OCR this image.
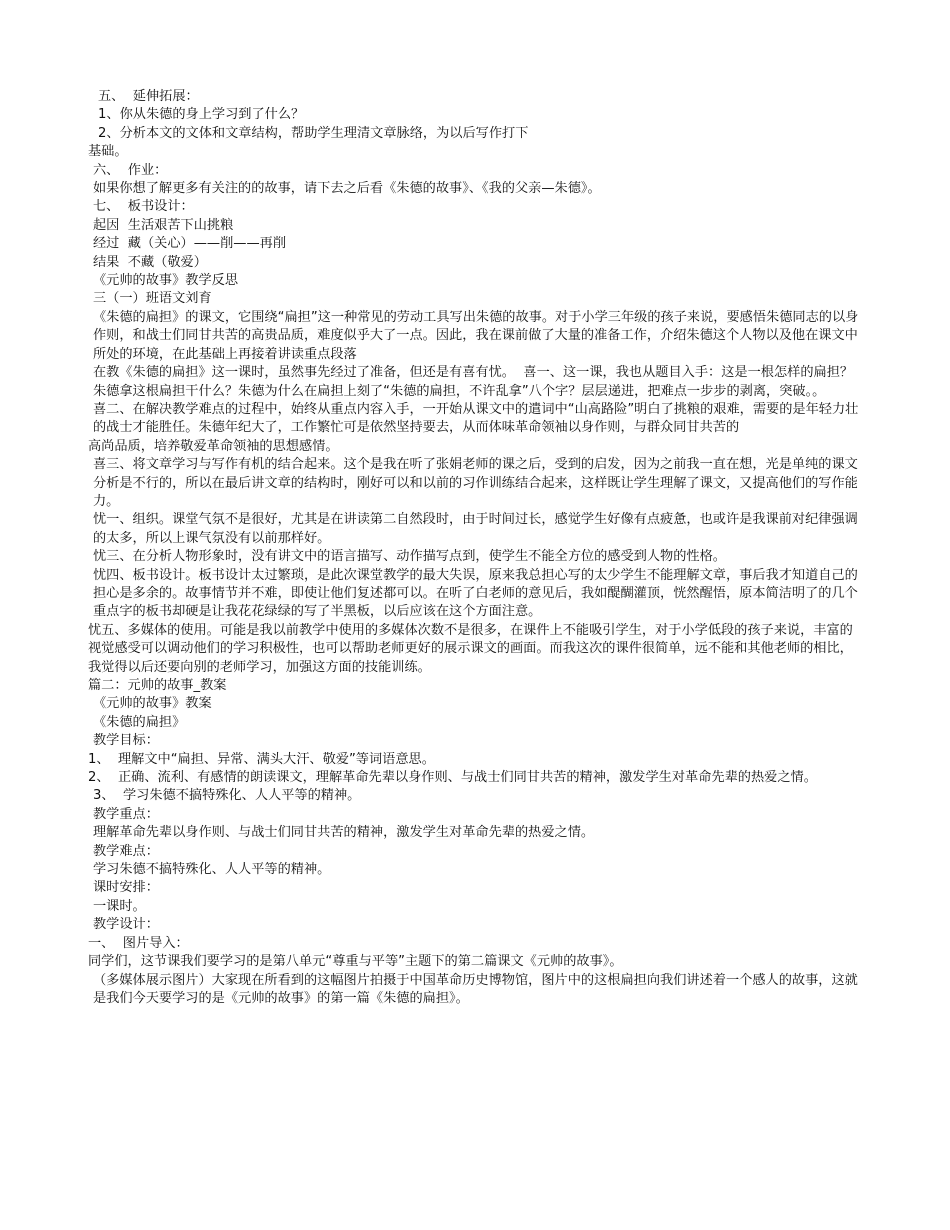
五、  延伸拓展：
1、你从朱德的身上学习到了什么？
2、分析本文的文体和文章结构，帮助学生理清文章脉络，为以后写作打下
基础。
六、  作业：
如果你想了解更多有关注的的故事，请下去之后看《朱德的故事》、《我的父亲—朱德》。
七、  板书设计：
起因  生活艰苦下山挑粮
经过  藏（关心）——削——再削
结果  不藏（敬爱）
《元帅的故事》教学反思
三（一）班语文刘育
《朱德的扁担》的课文，它围绕“扁担”这一种常见的劳动工具写出朱德的故事。对于小学三年级的孩子来说，要感悟朱德同志的以身作则，和战士们同甘共苦的高贵品质，难度似乎大了一点。因此，我在课前做了大量的准备工作，介绍朱德这个人物以及他在课文中所处的环境，在此基础上再接着讲读重点段落
在教《朱德的扁担》这一课时，虽然事先经过了准备，但还是有喜有忧。  喜一、这一课，我也从题目入手：这是一根怎样的扁担？朱德拿这根扁担干什么？朱德为什么在扁担上刻了“朱德的扁担，不许乱拿”八个字？层层递进，把难点一步步的剥离，突破。。
喜二、在解决教学难点的过程中，始终从重点内容入手，一开始从课文中的遣词中“山高路险”明白了挑粮的艰难，需要的是年轻力壮的战士才能胜任。朱德年纪大了，工作繁忙可是依然坚持要去，从而体味革命领袖以身作则，与群众同甘共苦的
高尚品质，培养敬爱革命领袖的思想感情。
喜三、将文章学习与写作有机的结合起来。这个是我在听了张娟老师的课之后，受到的启发，因为之前我一直在想，光是单纯的课文分析是不行的，所以在最后讲文章的结构时，刚好可以和以前的习作训练结合起来，这样既让学生理解了课文，又提高他们的写作能力。
忧一、组织。课堂气氛不是很好，尤其是在讲读第二自然段时，由于时间过长，感觉学生好像有点疲惫，也或许是我课前对纪律强调的太多，所以上课气氛没有以前那样好。
忧三、在分析人物形象时，没有讲文中的语言描写、动作描写点到，使学生不能全方位的感受到人物的性格。
忧四、板书设计。板书设计太过繁琐，是此次课堂教学的最大失误，原来我总担心写的太少学生不能理解文章，事后我才知道自己的担心是多余的。故事情节并不难，即使让他们复述都可以。在听了白老师的意见后，我如醍醐灌顶，恍然醒悟，原本简洁明了的几个重点字的板书却硬是让我花花绿绿的写了半黑板，以后应该在这个方面注意。
忧五、多媒体的使用。可能是我以前教学中使用的多媒体次数不是很多，在课件上不能吸引学生，对于小学低段的孩子来说，丰富的视觉感受可以调动他们的学习积极性，也可以帮助老师更好的展示课文的画面。而我这次的课件很简单，远不能和其他老师的相比，我觉得以后还要向别的老师学习，加强这方面的技能训练。
篇二：元帅的故事_教案
《元帅的故事》教案
《朱德的扁担》
教学目标：
1、  理解文中“扁担、异常、满头大汗、敬爱”等词语意思。
2、  正确、流利、有感情的朗读课文，理解革命先辈以身作则、与战士们同甘共苦的精神，激发学生对革命先辈的热爱之情。
3、  学习朱德不搞特殊化、人人平等的精神。
教学重点：
理解革命先辈以身作则、与战士们同甘共苦的精神，激发学生对革命先辈的热爱之情。
教学难点：
学习朱德不搞特殊化、人人平等的精神。
课时安排：
一课时。
教学设计：
一、  图片导入：
同学们，这节课我们要学习的是第八单元“尊重与平等”主题下的第二篇课文《元帅的故事》。
（多媒体展示图片）大家现在所看到的这幅图片拍摄于中国革命历史博物馆，图片中的这根扁担向我们讲述着一个感人的故事，这就是我们今天要学习的是《元帅的故事》的第一篇《朱德的扁担》。
